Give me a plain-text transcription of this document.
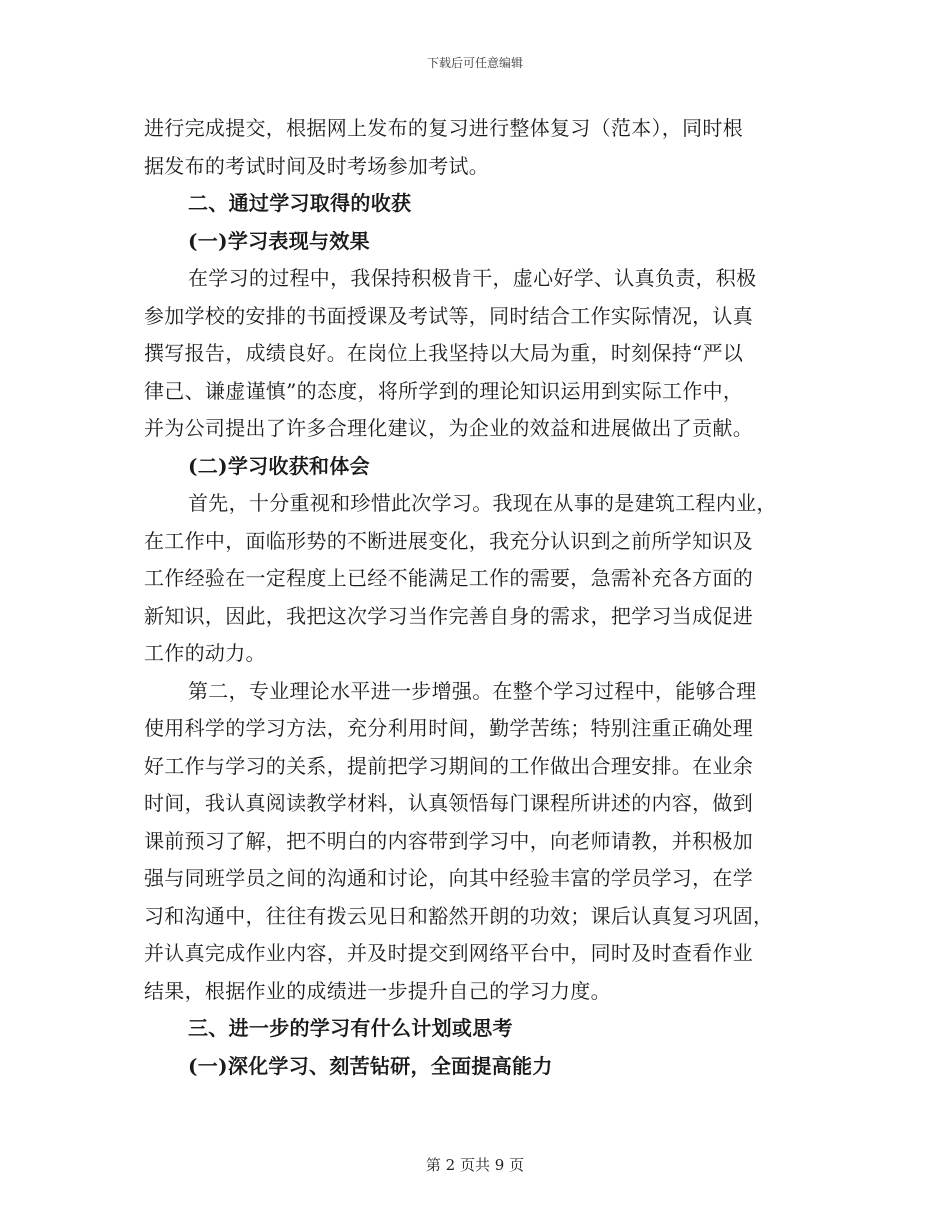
下载后可任意编辑
进行完成提交，根据网上发布的复习进行整体复习（范本），同时根
据发布的考试时间及时考场参加考试。
二、通过学习取得的收获
(一)学习表现与效果
在学习的过程中，我保持积极肯干，虚心好学、认真负责，积极
参加学校的安排的书面授课及考试等，同时结合工作实际情况，认真
撰写报告，成绩良好。在岗位上我坚持以大局为重，时刻保持“严以
律己、谦虚谨慎”的态度，将所学到的理论知识运用到实际工作中，
并为公司提出了许多合理化建议，为企业的效益和进展做出了贡献。
(二)学习收获和体会
首先，十分重视和珍惜此次学习。我现在从事的是建筑工程内业，
在工作中，面临形势的不断进展变化，我充分认识到之前所学知识及
工作经验在一定程度上已经不能满足工作的需要，急需补充各方面的
新知识，因此，我把这次学习当作完善自身的需求，把学习当成促进
工作的动力。
第二，专业理论水平进一步增强。在整个学习过程中，能够合理
使用科学的学习方法，充分利用时间，勤学苦练；特别注重正确处理
好工作与学习的关系，提前把学习期间的工作做出合理安排。在业余
时间，我认真阅读教学材料，认真领悟每门课程所讲述的内容，做到
课前预习了解，把不明白的内容带到学习中，向老师请教，并积极加
强与同班学员之间的沟通和讨论，向其中经验丰富的学员学习，在学
习和沟通中，往往有拨云见日和豁然开朗的功效；课后认真复习巩固，
并认真完成作业内容，并及时提交到网络平台中，同时及时查看作业
结果，根据作业的成绩进一步提升自己的学习力度。
三、进一步的学习有什么计划或思考
(一)深化学习、刻苦钻研，全面提高能力
第 2 页共 9 页
